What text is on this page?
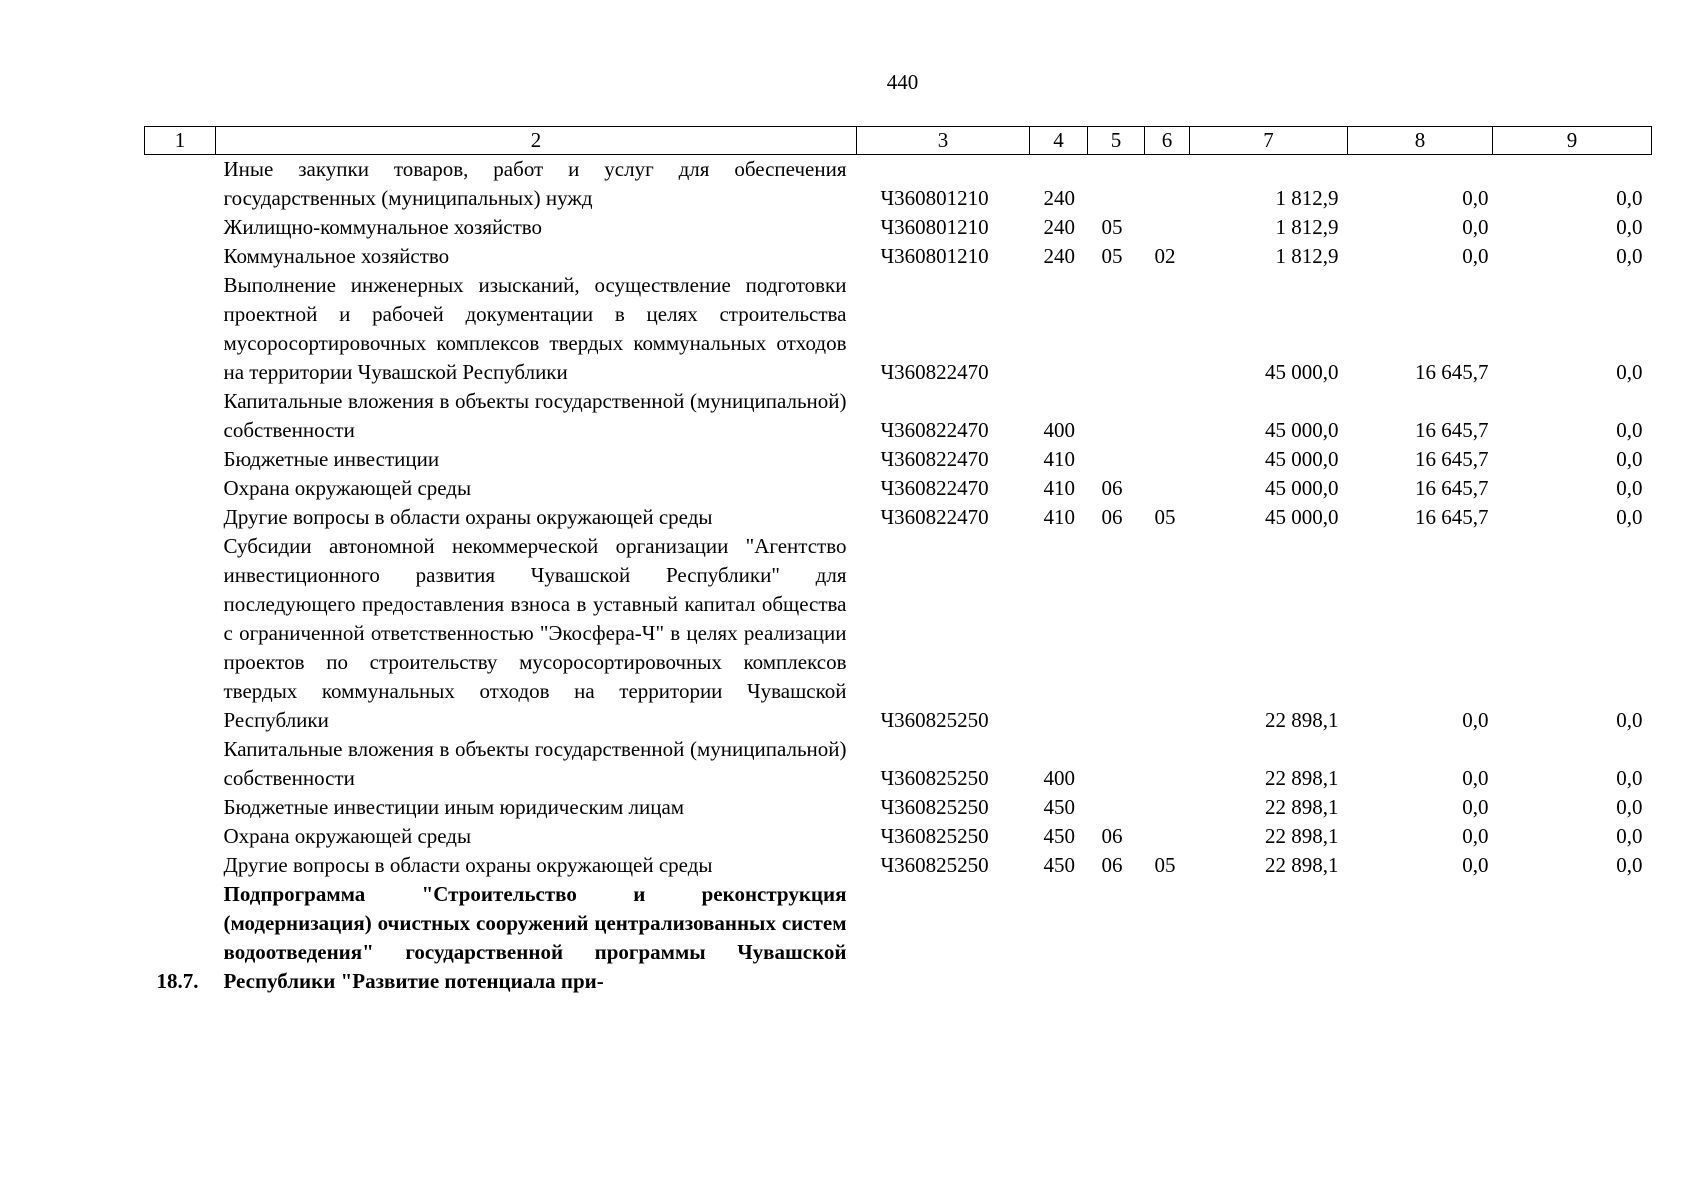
440
1	2	3	4	5	6	7	8	9
	Иные закупки товаров, работ и услуг для обеспечения государственных (муниципальных) нужд	Ч360801210	240			1 812,9	0,0	0,0
	Жилищно-коммунальное хозяйство	Ч360801210	240	05		1 812,9	0,0	0,0
	Коммунальное хозяйство	Ч360801210	240	05	02	1 812,9	0,0	0,0
	Выполнение инженерных изысканий, осуществление подготовки проектной и рабочей документации в целях строительства мусоросортировочных комплексов твердых коммунальных отходов на территории Чувашской Республики	Ч360822470				45 000,0	16 645,7	0,0
	Капитальные вложения в объекты государственной (муниципальной) собственности	Ч360822470	400			45 000,0	16 645,7	0,0
	Бюджетные инвестиции	Ч360822470	410			45 000,0	16 645,7	0,0
	Охрана окружающей среды	Ч360822470	410	06		45 000,0	16 645,7	0,0
	Другие вопросы в области охраны окружающей среды	Ч360822470	410	06	05	45 000,0	16 645,7	0,0
	Субсидии автономной некоммерческой организации "Агентство инвестиционного развития Чувашской Республики" для последующего предоставления взноса в уставный капитал общества с ограниченной ответственностью "Экосфера-Ч" в целях реализации проектов по строительству мусоросортировочных комплексов твердых коммунальных отходов на территории Чувашской Республики	Ч360825250				22 898,1	0,0	0,0
	Капитальные вложения в объекты государственной (муниципальной) собственности	Ч360825250	400			22 898,1	0,0	0,0
	Бюджетные инвестиции иным юридическим лицам	Ч360825250	450			22 898,1	0,0	0,0
	Охрана окружающей среды	Ч360825250	450	06		22 898,1	0,0	0,0
	Другие вопросы в области охраны окружающей среды	Ч360825250	450	06	05	22 898,1	0,0	0,0
18.7.	Подпрограмма "Строительство и реконструкция (модернизация) очистных сооружений централизованных систем водоотведения" государственной программы Чувашской Республики "Развитие потенциала при-							
